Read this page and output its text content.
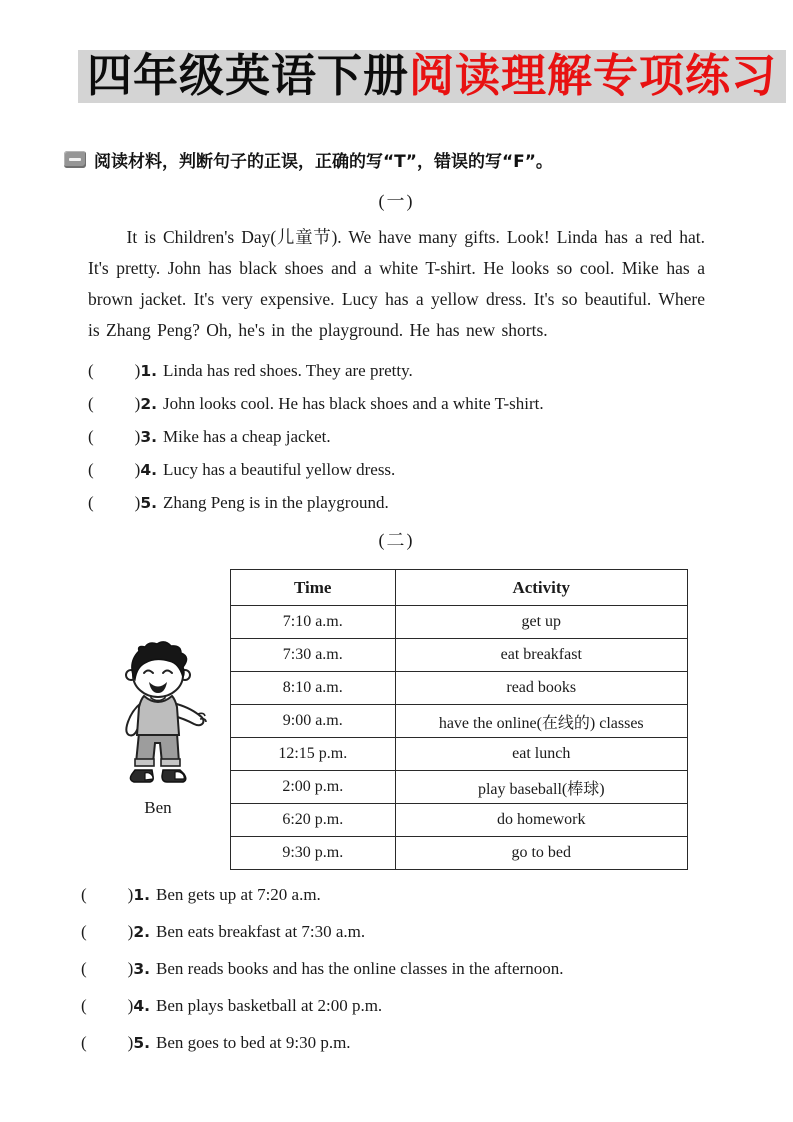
四年级英语下册阅读理解专项练习
阅读材料，判断句子的正误，正确的写“T”，错误的写“F”。
(一)

It is Children's Day(儿童节). We have many gifts. Look! Linda has a red hat. It's pretty. John has black shoes and a white T-shirt. He looks so cool. Mike has a brown jacket. It's very expensive. Lucy has a yellow dress. It's so beautiful. Where is Zhang Peng? Oh, he's in the playground. He has new shorts.

( )1. Linda has red shoes. They are pretty.
( )2. John looks cool. He has black shoes and a white T-shirt.
( )3. Mike has a cheap jacket.
( )4. Lucy has a beautiful yellow dress.
( )5. Zhang Peng is in the playground.
(二)
Ben
Time	Activity
7:10 a.m.	get up
7:30 a.m.	eat breakfast
8:10 a.m.	read books
9:00 a.m.	have the online(在线的) classes
12:15 p.m.	eat lunch
2:00 p.m.	play baseball(棒球)
6:20 p.m.	do homework
9:30 p.m.	go to bed
( )1. Ben gets up at 7:20 a.m.
( )2. Ben eats breakfast at 7:30 a.m.
( )3. Ben reads books and has the online classes in the afternoon.
( )4. Ben plays basketball at 2:00 p.m.
( )5. Ben goes to bed at 9:30 p.m.
